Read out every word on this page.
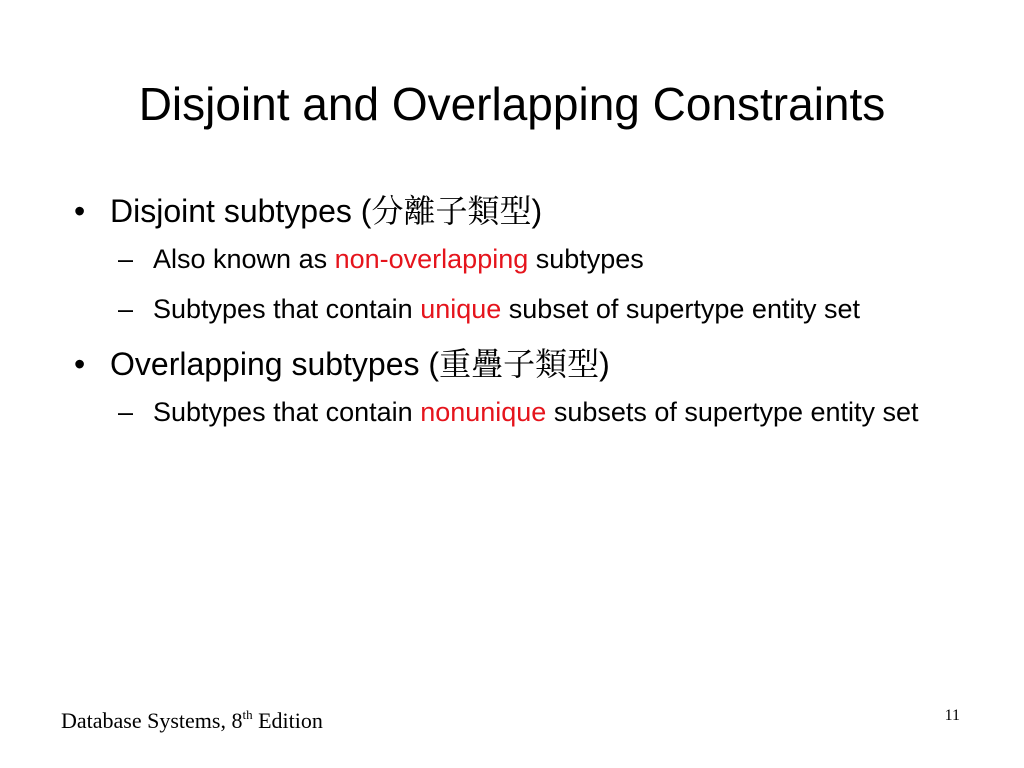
Disjoint and Overlapping Constraints
• Disjoint subtypes (分離子類型)
– Also known as non-overlapping subtypes
– Subtypes that contain unique subset of supertype entity set
• Overlapping subtypes (重疊子類型)
– Subtypes that contain nonunique subsets of supertype entity set
Database Systems, 8th Edition	11
